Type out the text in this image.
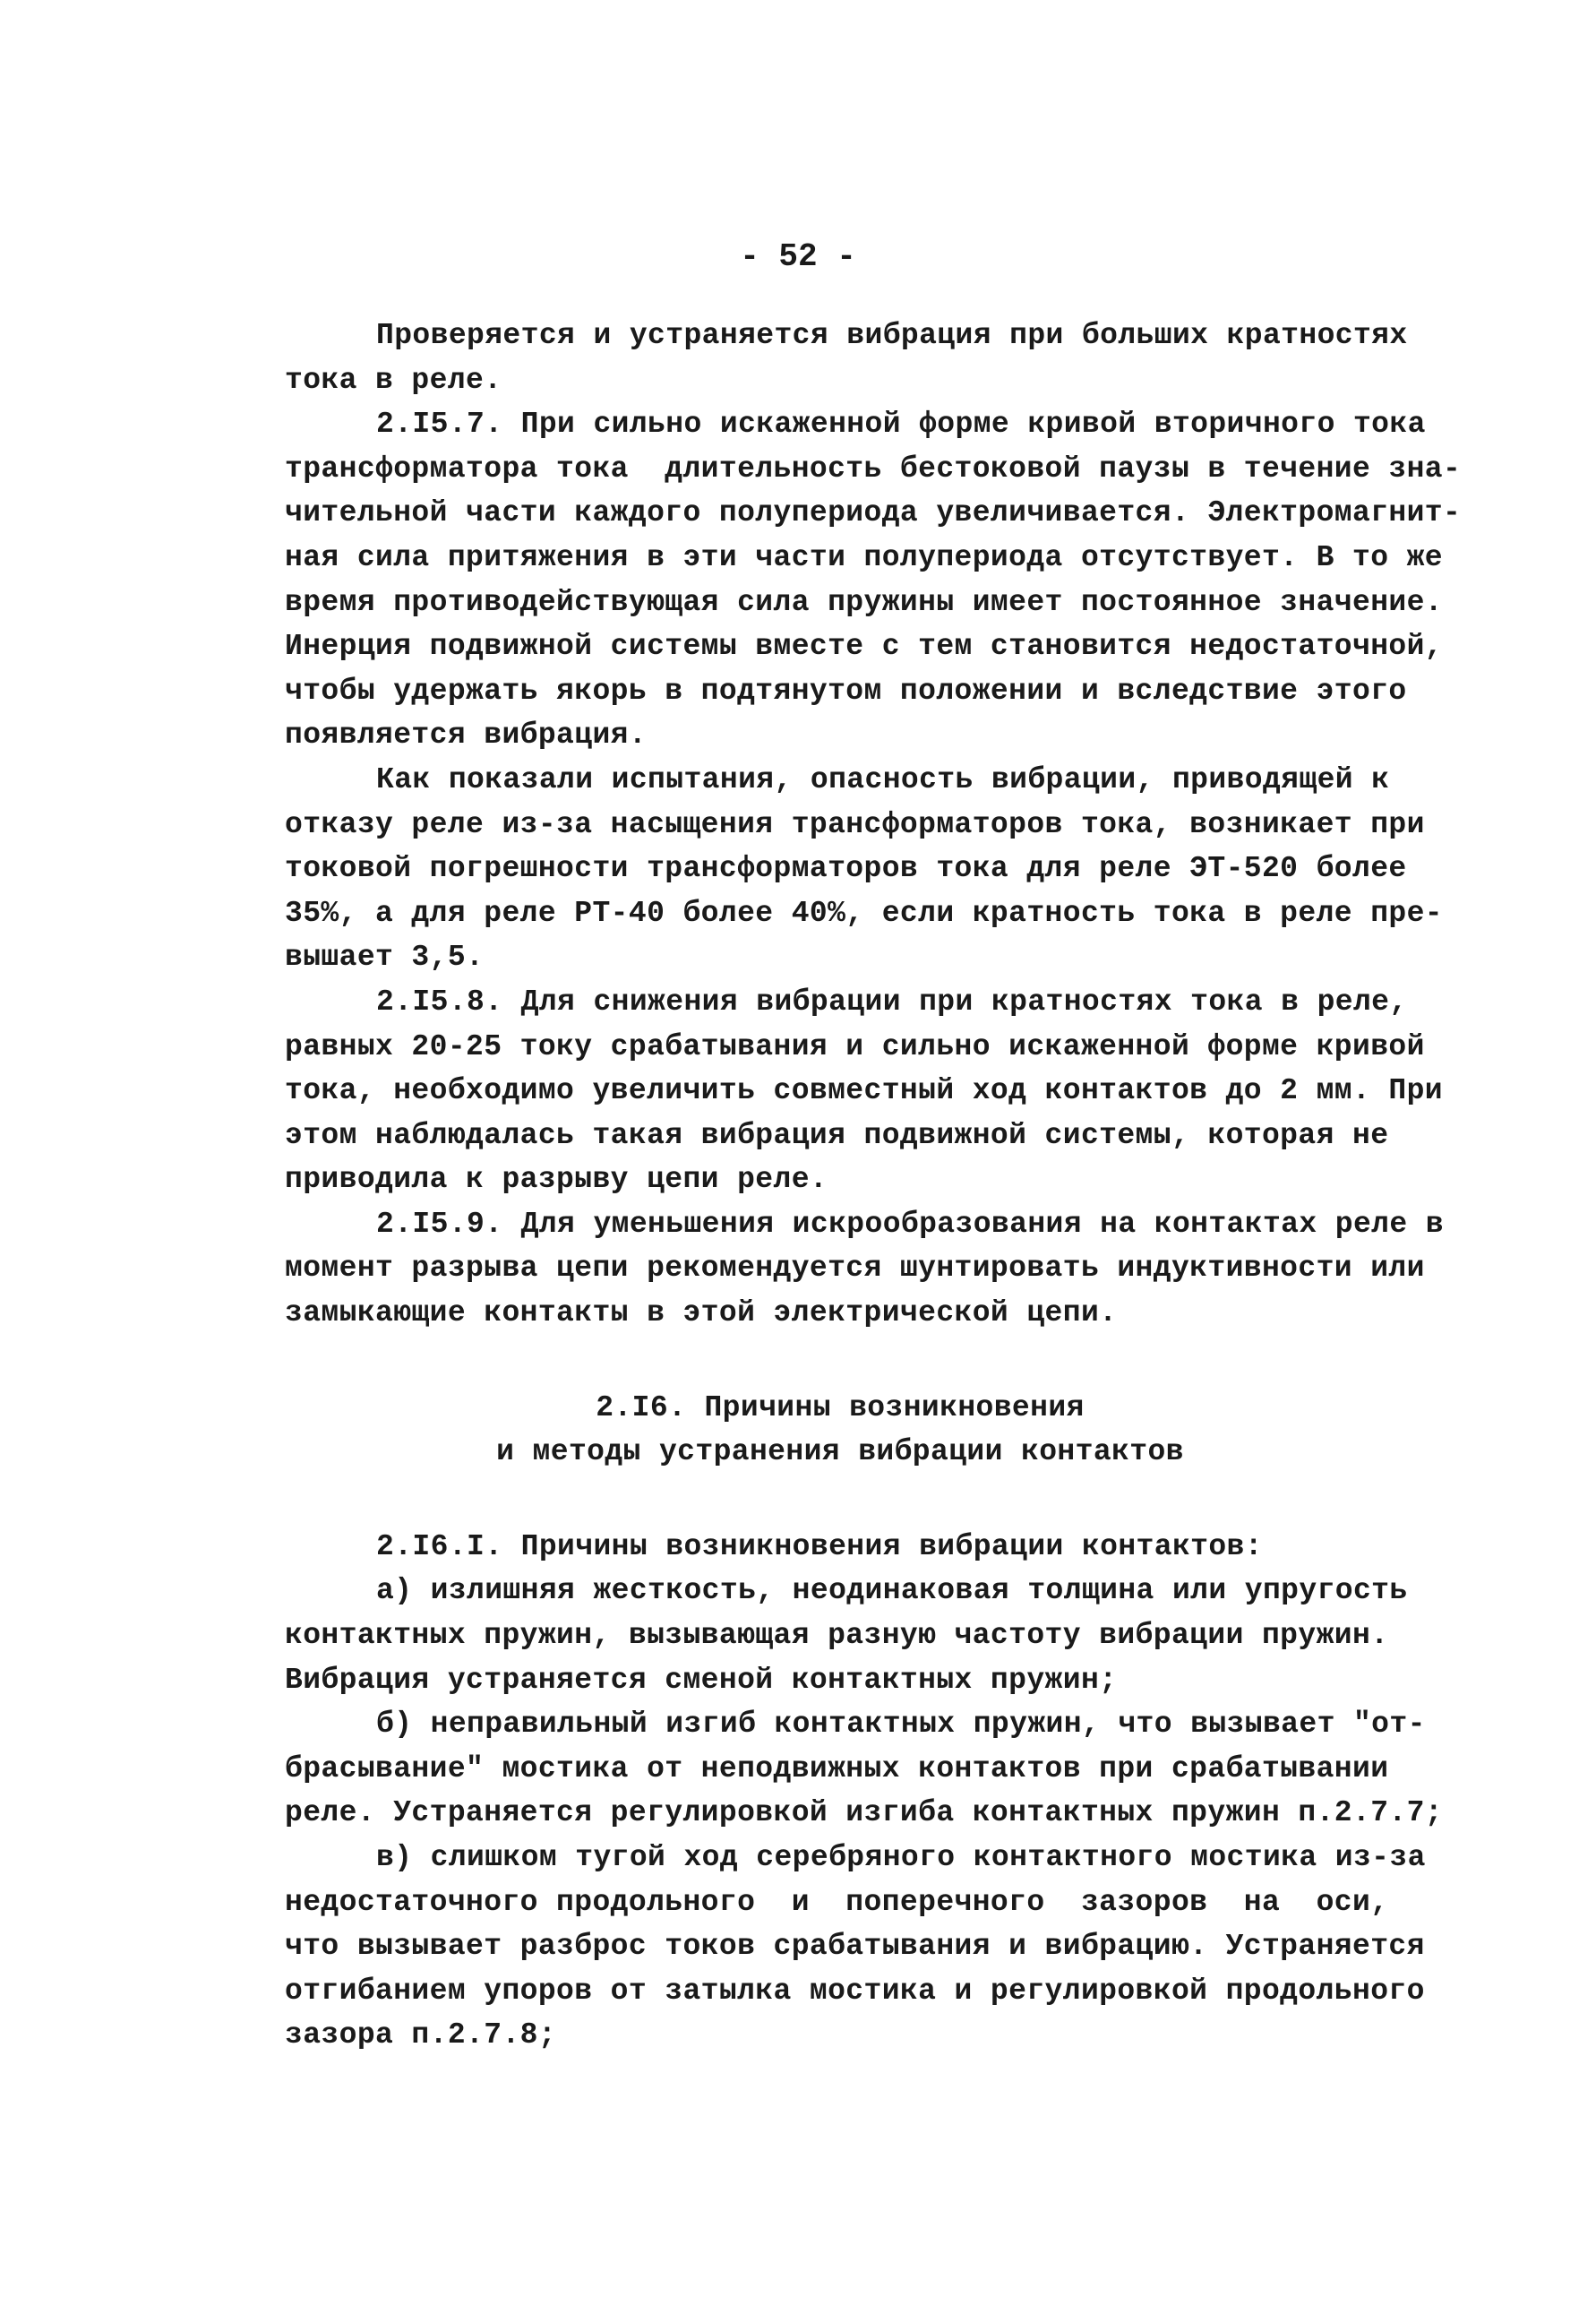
- 52 -
Проверяется и устраняется вибрация при больших кратностях
тока в реле.
2.I5.7. При сильно искаженной форме кривой вторичного тока
трансформатора тока  длительность бестоковой паузы в течение зна-
чительной части каждого полупериода увеличивается. Электромагнит-
ная сила притяжения в эти части полупериода отсутствует. В то же
время противодействующая сила пружины имеет постоянное значение.
Инерция подвижной системы вместе с тем становится недостаточной,
чтобы удержать якорь в подтянутом положении и вследствие этого
появляется вибрация.
Как показали испытания, опасность вибрации, приводящей к
отказу реле из-за насыщения трансформаторов тока, возникает при
токовой погрешности трансформаторов тока для реле ЭТ-520 более
35%, а для реле РТ-40 более 40%, если кратность тока в реле пре-
вышает 3,5.
2.I5.8. Для снижения вибрации при кратностях тока в реле,
равных 20-25 току срабатывания и сильно искаженной форме кривой
тока, необходимо увеличить совместный ход контактов до 2 мм. При
этом наблюдалась такая вибрация подвижной системы, которая не
приводила к разрыву цепи реле.
2.I5.9. Для уменьшения искрообразования на контактах реле в
момент разрыва цепи рекомендуется шунтировать индуктивности или
замыкающие контакты в этой электрической цепи.
2.I6. Причины возникновения
и методы устранения вибрации контактов
2.I6.I. Причины возникновения вибрации контактов:
а) излишняя жесткость, неодинаковая толщина или упругость
контактных пружин, вызывающая разную частоту вибрации пружин.
Вибрация устраняется сменой контактных пружин;
б) неправильный изгиб контактных пружин, что вызывает "от-
брасывание" мостика от неподвижных контактов при срабатывании
реле. Устраняется регулировкой изгиба контактных пружин п.2.7.7;
в) слишком тугой ход серебряного контактного мостика из-за
недостаточного продольного  и  поперечного  зазоров  на  оси,
что вызывает разброс токов срабатывания и вибрацию. Устраняется
отгибанием упоров от затылка мостика и регулировкой продольного
зазора п.2.7.8;
